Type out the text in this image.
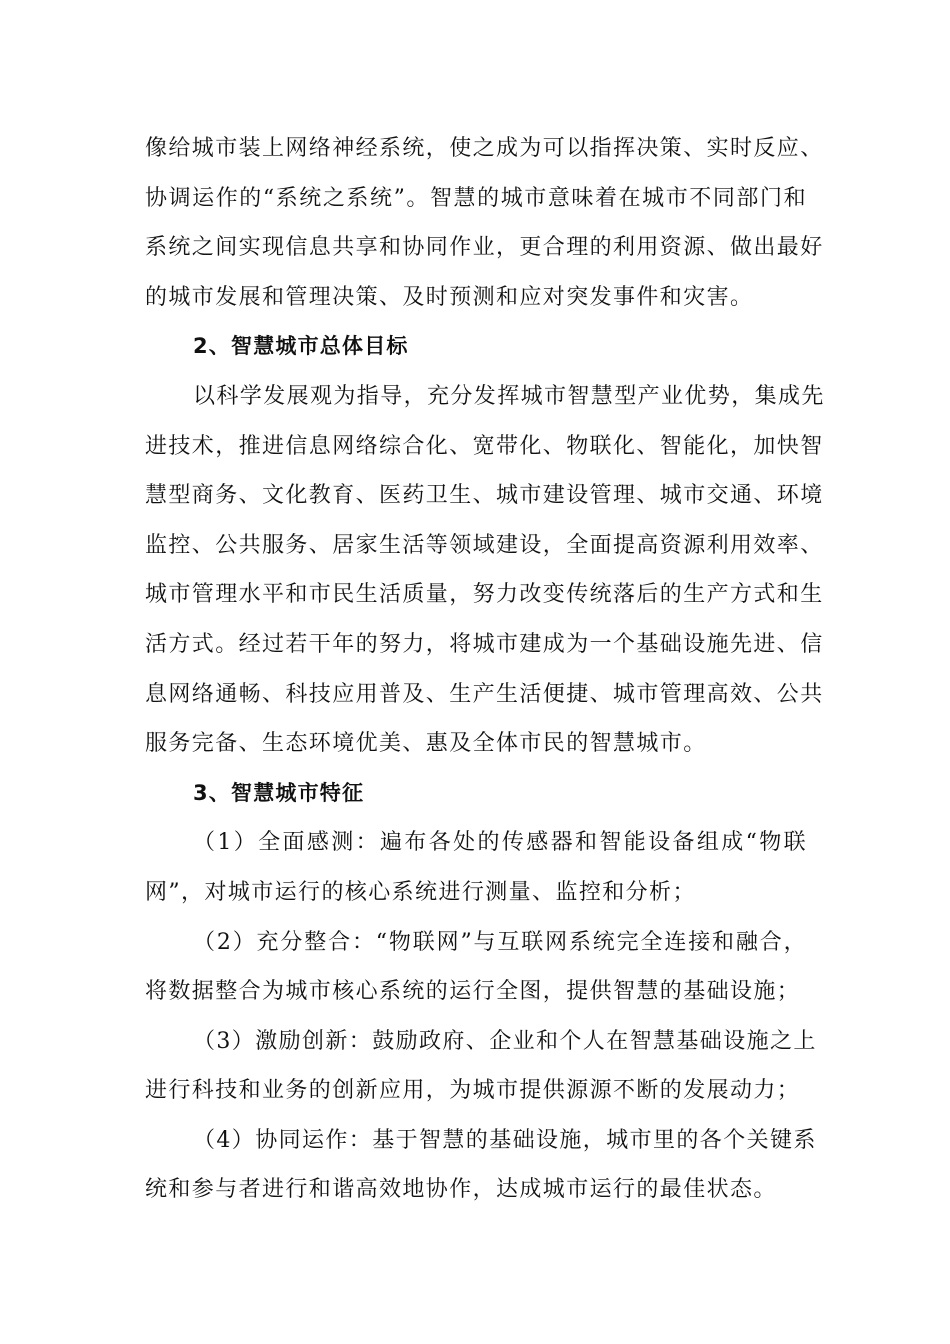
像给城市装上网络神经系统，使之成为可以指挥决策、实时反应、
协调运作的“系统之系统”。智慧的城市意味着在城市不同部门和
系统之间实现信息共享和协同作业，更合理的利用资源、做出最好
的城市发展和管理决策、及时预测和应对突发事件和灾害。
2、智慧城市总体目标
以科学发展观为指导，充分发挥城市智慧型产业优势，集成先
进技术，推进信息网络综合化、宽带化、物联化、智能化，加快智
慧型商务、文化教育、医药卫生、城市建设管理、城市交通、环境
监控、公共服务、居家生活等领域建设，全面提高资源利用效率、
城市管理水平和市民生活质量，努力改变传统落后的生产方式和生
活方式。经过若干年的努力，将城市建成为一个基础设施先进、信
息网络通畅、科技应用普及、生产生活便捷、城市管理高效、公共
服务完备、生态环境优美、惠及全体市民的智慧城市。
3、智慧城市特征
（1）全面感测：遍布各处的传感器和智能设备组成“物联
网”，对城市运行的核心系统进行测量、监控和分析；
（2）充分整合：“物联网”与互联网系统完全连接和融合，
将数据整合为城市核心系统的运行全图，提供智慧的基础设施；
（3）激励创新：鼓励政府、企业和个人在智慧基础设施之上
进行科技和业务的创新应用，为城市提供源源不断的发展动力；
（4）协同运作：基于智慧的基础设施，城市里的各个关键系
统和参与者进行和谐高效地协作，达成城市运行的最佳状态。
